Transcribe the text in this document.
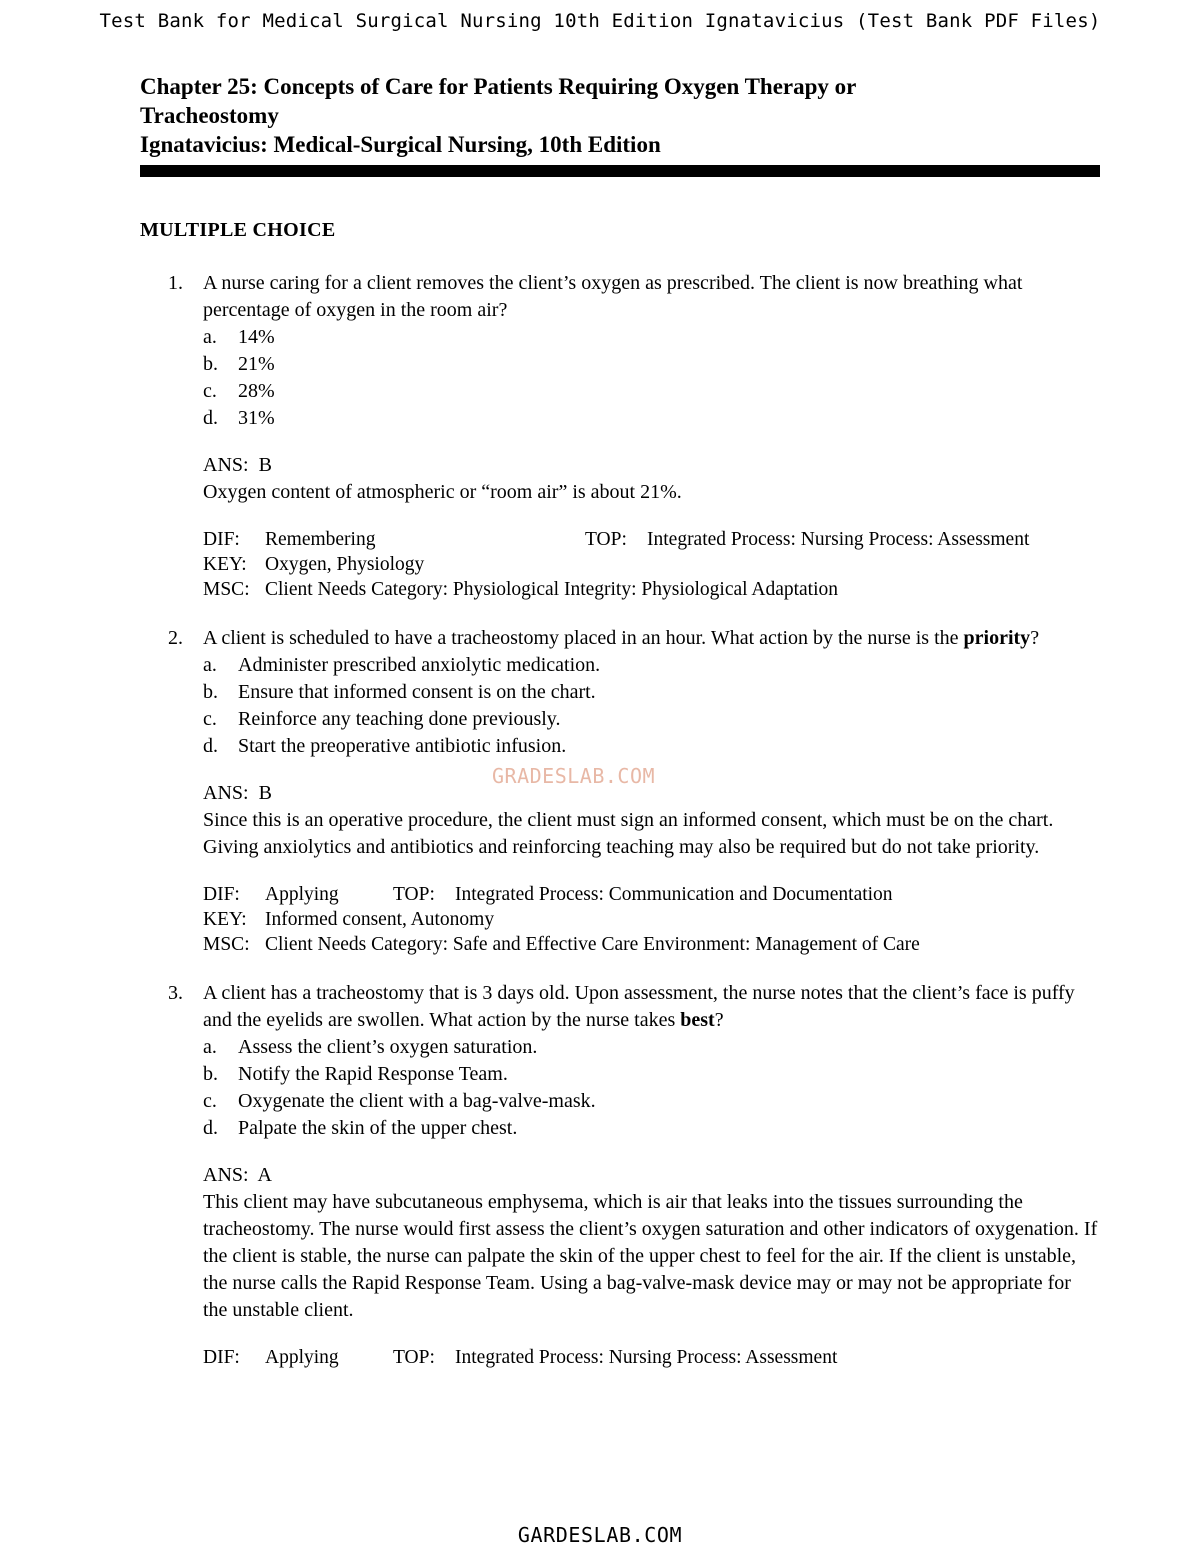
Test Bank for Medical Surgical Nursing 10th Edition Ignatavicius (Test Bank PDF Files)
Chapter 25: Concepts of Care for Patients Requiring Oxygen Therapy or
Tracheostomy
Ignatavicius: Medical-Surgical Nursing, 10th Edition
MULTIPLE CHOICE
1. A nurse caring for a client removes the client’s oxygen as prescribed. The client is now breathing what percentage of oxygen in the room air?
a. 14%
b. 21%
c. 28%
d. 31%
ANS: B
Oxygen content of atmospheric or “room air” is about 21%.
DIF: Remembering	TOP: Integrated Process: Nursing Process: Assessment
KEY: Oxygen, Physiology
MSC: Client Needs Category: Physiological Integrity: Physiological Adaptation
2. A client is scheduled to have a tracheostomy placed in an hour. What action by the nurse is the priority?
a. Administer prescribed anxiolytic medication.
b. Ensure that informed consent is on the chart.
c. Reinforce any teaching done previously.
d. Start the preoperative antibiotic infusion.
ANS: B
Since this is an operative procedure, the client must sign an informed consent, which must be on the chart. Giving anxiolytics and antibiotics and reinforcing teaching may also be required but do not take priority.
DIF: Applying	TOP: Integrated Process: Communication and Documentation
KEY: Informed consent, Autonomy
MSC: Client Needs Category: Safe and Effective Care Environment: Management of Care
3. A client has a tracheostomy that is 3 days old. Upon assessment, the nurse notes that the client’s face is puffy and the eyelids are swollen. What action by the nurse takes best?
a. Assess the client’s oxygen saturation.
b. Notify the Rapid Response Team.
c. Oxygenate the client with a bag-valve-mask.
d. Palpate the skin of the upper chest.
ANS: A
This client may have subcutaneous emphysema, which is air that leaks into the tissues surrounding the tracheostomy. The nurse would first assess the client’s oxygen saturation and other indicators of oxygenation. If the client is stable, the nurse can palpate the skin of the upper chest to feel for the air. If the client is unstable, the nurse calls the Rapid Response Team. Using a bag-valve-mask device may or may not be appropriate for the unstable client.
DIF: Applying	TOP: Integrated Process: Nursing Process: Assessment
GRADESLAB.COM
GARDESLAB.COM
